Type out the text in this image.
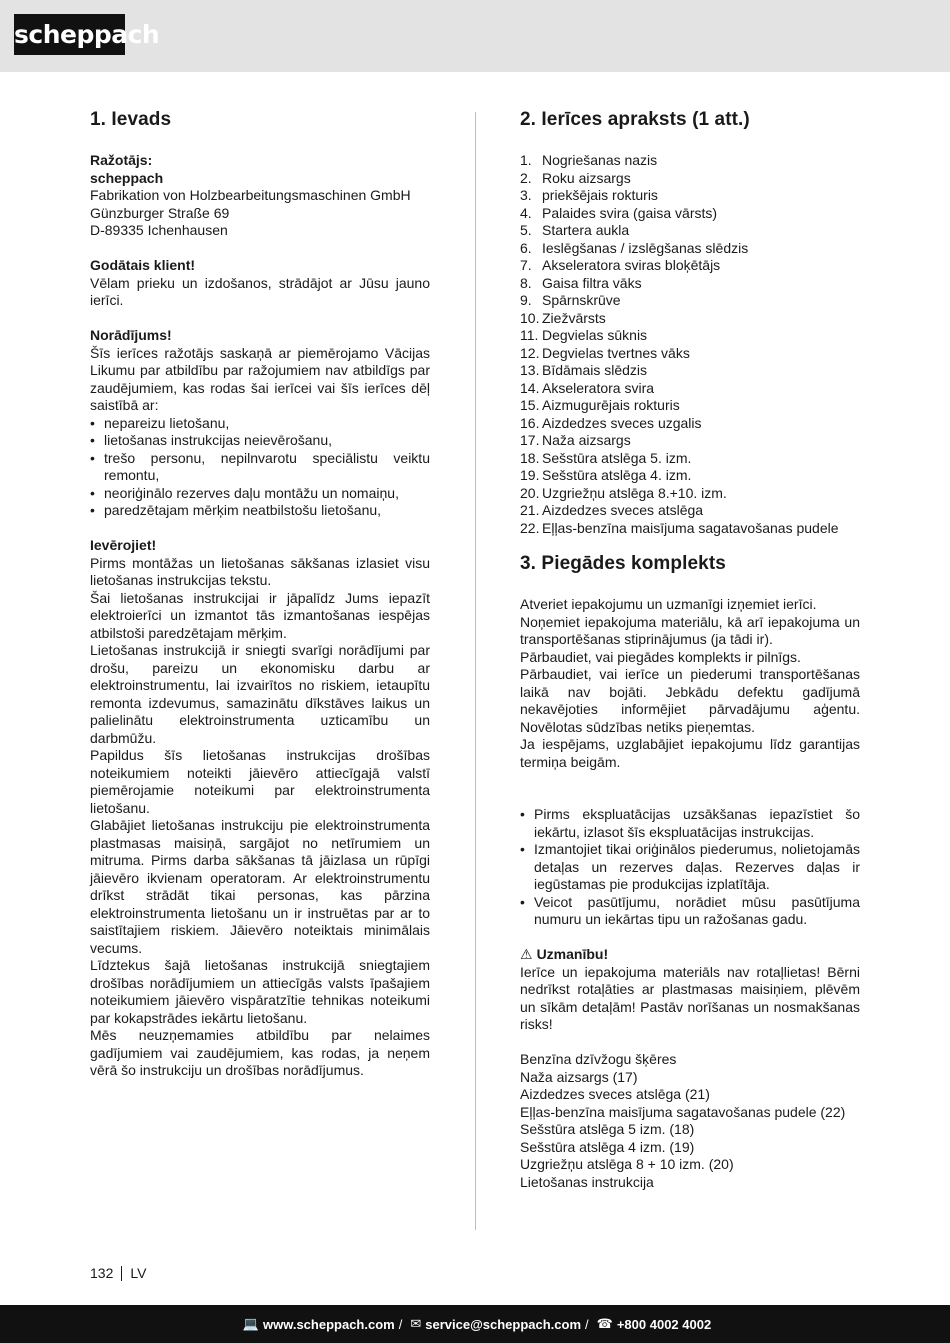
scheppach
1. Ievads
Ražotājs:
scheppach

Fabrikation von Holzbearbeitungsmaschinen GmbH

Günzburger Straße 69

D-89335 Ichenhausen

Godātais klient!

Vēlam prieku un izdošanos, strādājot ar Jūsu jauno ierīci.

Norādījums!

Šīs ierīces ražotājs saskaņā ar piemērojamo Vācijas Likumu par atbildību par ražojumiem nav atbildīgs par zaudējumiem, kas rodas šai ierīcei vai šīs ierīces dēļ saistībā ar:

• nepareizu lietošanu,
• lietošanas instrukcijas neievērošanu,
• trešo personu, nepilnvarotu speciālistu veiktu remontu,
• neoriģinālo rezerves daļu montāžu un nomaiņu,
• paredzētajam mērķim neatbilstošu lietošanu,
Ievērojiet!

Pirms montāžas un lietošanas sākšanas izlasiet visu lietošanas instrukcijas tekstu.

Šai lietošanas instrukcijai ir jāpalīdz Jums iepazīt elektroierīci un izmantot tās izmantošanas iespējas atbilstoši paredzētajam mērķim.

Lietošanas instrukcijā ir sniegti svarīgi norādījumi par drošu, pareizu un ekonomisku darbu ar elektroinstrumentu, lai izvairītos no riskiem, ietaupītu remonta izdevumus, samazinātu dīkstāves laikus un palielinātu elektroinstrumenta uzticamību un darbmūžu.

Papildus šīs lietošanas instrukcijas drošības noteikumiem noteikti jāievēro attiecīgajā valstī piemērojamie noteikumi par elektroinstrumenta lietošanu.

Glabājiet lietošanas instrukciju pie elektroinstrumenta plastmasas maisiņā, sargājot no netīrumiem un mitruma. Pirms darba sākšanas tā jāizlasa un rūpīgi jāievēro ikvienam operatoram. Ar elektroinstrumentu drīkst strādāt tikai personas, kas pārzina elektroinstrumenta lietošanu un ir instruētas par ar to saistītajiem riskiem. Jāievēro noteiktais minimālais vecums.

Līdztekus šajā lietošanas instrukcijā sniegtajiem drošības norādījumiem un attiecīgās valsts īpašajiem noteikumiem jāievēro vispāratzītie tehnikas noteikumi par kokapstrādes iekārtu lietošanu.

Mēs neuzņemamies atbildību par nelaimes gadījumiem vai zaudējumiem, kas rodas, ja neņem vērā šo instrukciju un drošības norādījumus.

2. Ierīces apraksts (1 att.)
1. Nogriešanas nazis
2. Roku aizsargs
3. priekšējais rokturis
4. Palaides svira (gaisa vārsts)
5. Startera aukla
6. Ieslēgšanas / izslēgšanas slēdzis
7. Akseleratora sviras bloķētājs
8. Gaisa filtra vāks
9. Spārnskrūve
10. Ziežvārsts
11. Degvielas sūknis
12. Degvielas tvertnes vāks
13. Bīdāmais slēdzis
14. Akseleratora svira
15. Aizmugurējais rokturis
16. Aizdedzes sveces uzgalis
17. Naža aizsargs
18. Sešstūra atslēga 5. izm.
19. Sešstūra atslēga 4. izm.
20. Uzgriežņu atslēga 8.+10. izm.
21. Aizdedzes sveces atslēga
22. Eļļas-benzīna maisījuma sagatavošanas pudele
3. Piegādes komplekts

Atveriet iepakojumu un uzmanīgi izņemiet ierīci.

Noņemiet iepakojuma materiālu, kā arī iepakojuma un transportēšanas stiprinājumus (ja tādi ir).

Pārbaudiet, vai piegādes komplekts ir pilnīgs.

Pārbaudiet, vai ierīce un piederumi transportēšanas laikā nav bojāti. Jebkādu defektu gadījumā nekavējoties informējiet pārvadājumu aģentu. Novēlotas sūdzības netiks pieņemtas.

Ja iespējams, uzglabājiet iepakojumu līdz garantijas termiņa beigām.

• Pirms ekspluatācijas uzsākšanas iepazīstiet šo iekārtu, izlasot šīs ekspluatācijas instrukcijas.
• Izmantojiet tikai oriģinālos piederumus, nolietojamās detaļas un rezerves daļas. Rezerves daļas ir iegūstamas pie produkcijas izplatītāja.
• Veicot pasūtījumu, norādiet mūsu pasūtījuma numuru un iekārtas tipu un ražošanas gadu.
⚠ Uzmanību!

Ierīce un iepakojuma materiāls nav rotaļlietas! Bērni nedrīkst rotaļāties ar plastmasas maisiņiem, plēvēm un sīkām detaļām! Pastāv norīšanas un nosmakšanas risks!

Benzīna dzīvžogu šķēres

Naža aizsargs (17)

Aizdedzes sveces atslēga (21)

Eļļas-benzīna maisījuma sagatavošanas pudele (22)

Sešstūra atslēga 5 izm. (18)

Sešstūra atslēga 4 izm. (19)

Uzgriežņu atslēga 8 + 10 izm. (20)

Lietošanas instrukcija

132 LV
💻 www.scheppach.com / ✉ service@scheppach.com / ☎ +800 4002 4002
